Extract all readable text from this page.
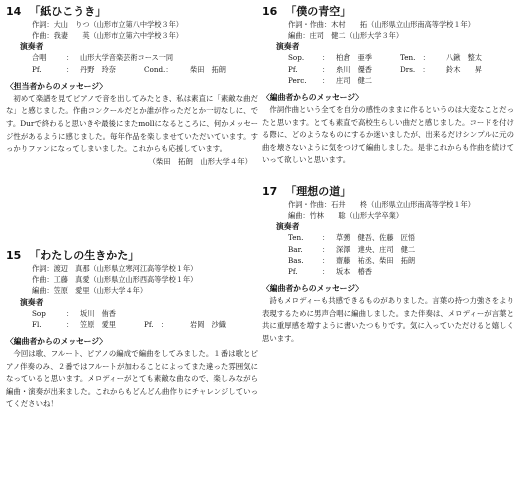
14 「紙ひこうき」
作詞：大山　りつ（山形市立第八中学校３年）
作曲：我妻　　英（山形市立第六中学校３年）
演奏者
合唱	： 山形大学音楽芸術コース一同
Pf.	： 丹野　玲奈	Cond.： 柴田　拓朗
〈担当者からのメッセージ〉

初めて楽譜を見てピアノで音を出してみたとき、私は素直に「素敵な曲だな」と感じました。作曲コンクールだとか誰が作っただとか一切なしに、です。Durで終わると思いきや最後にまたmollになるところに、何かメッセージ性があるように感じました。毎年作品を楽しませていただいています。すっかりファンになってしまいました。これからも応援しています。

（柴田　拓朗　山形大学４年）
15 「わたしの生きかた」
作詞：渡辺　真那（山形県立寒河江高等学校１年）
作曲：工藤　真愛（山形県立山形西高等学校１年）
編曲：笠原　愛里（山形大学４年）
演奏者
Sop	： 坂川　侑香
Fl.	： 笠原　愛里	Pf.　：	岩岡　沙織
〈編曲者からのメッセージ〉

今回は歌、フルート、ピアノの編成で編曲をしてみました。１番は歌とピアノ伴奏のみ、２番ではフルートが加わることによってまた違った雰囲気になっていると思います。メロディーがとても素敵な曲なので、楽しみながら編曲・演奏が出来ました。これからもどんどん曲作りにチャレンジしていってくださいね！

16 「僕の青空」
作詞・作曲：木村　　拓（山形県立山形南高等学校１年）
編曲：庄司　健二（山形大学３年）
演奏者
Sop. ： 柏倉　亜季	Ten.　： 八鍬　整太
Pf.	： 糸川　優香	Drs.　： 鈴木　　昇
Perc. ： 庄司　健二
〈編曲者からのメッセージ〉

作詞作曲という全てを自分の感性のままに作るというのは大変なことだったと思います。とても素直で高校生らしい曲だと感じました。コードを付ける際に、どのようなものにするか迷いましたが、出来るだけシンプルに元の曲を壊さないように気をつけて編曲しました。是非これからも作曲を続けていって欲しいと思います。

17 「理想の道」
作詞・作曲：石井　　柊（山形県立山形南高等学校１年）
編曲：竹林　　聡（山形大学卒業）
演奏者
Ten.	： 草彅　健吾、佐藤　匠悟
Bar.	： 深澤　達央、庄司　健二
Bas.	： 齋藤　祐丞、柴田　拓朗
Pf.	： 坂本　椿香
〈編曲者からのメッセージ〉

詩もメロディーも共感できるものがありました。言葉の持つ力強さをより表現するために男声合唱に編曲しました。また伴奏は、メロディーが言葉と共に重厚感を増すように書いたつもりです。気に入っていただけると嬉しく思います。
